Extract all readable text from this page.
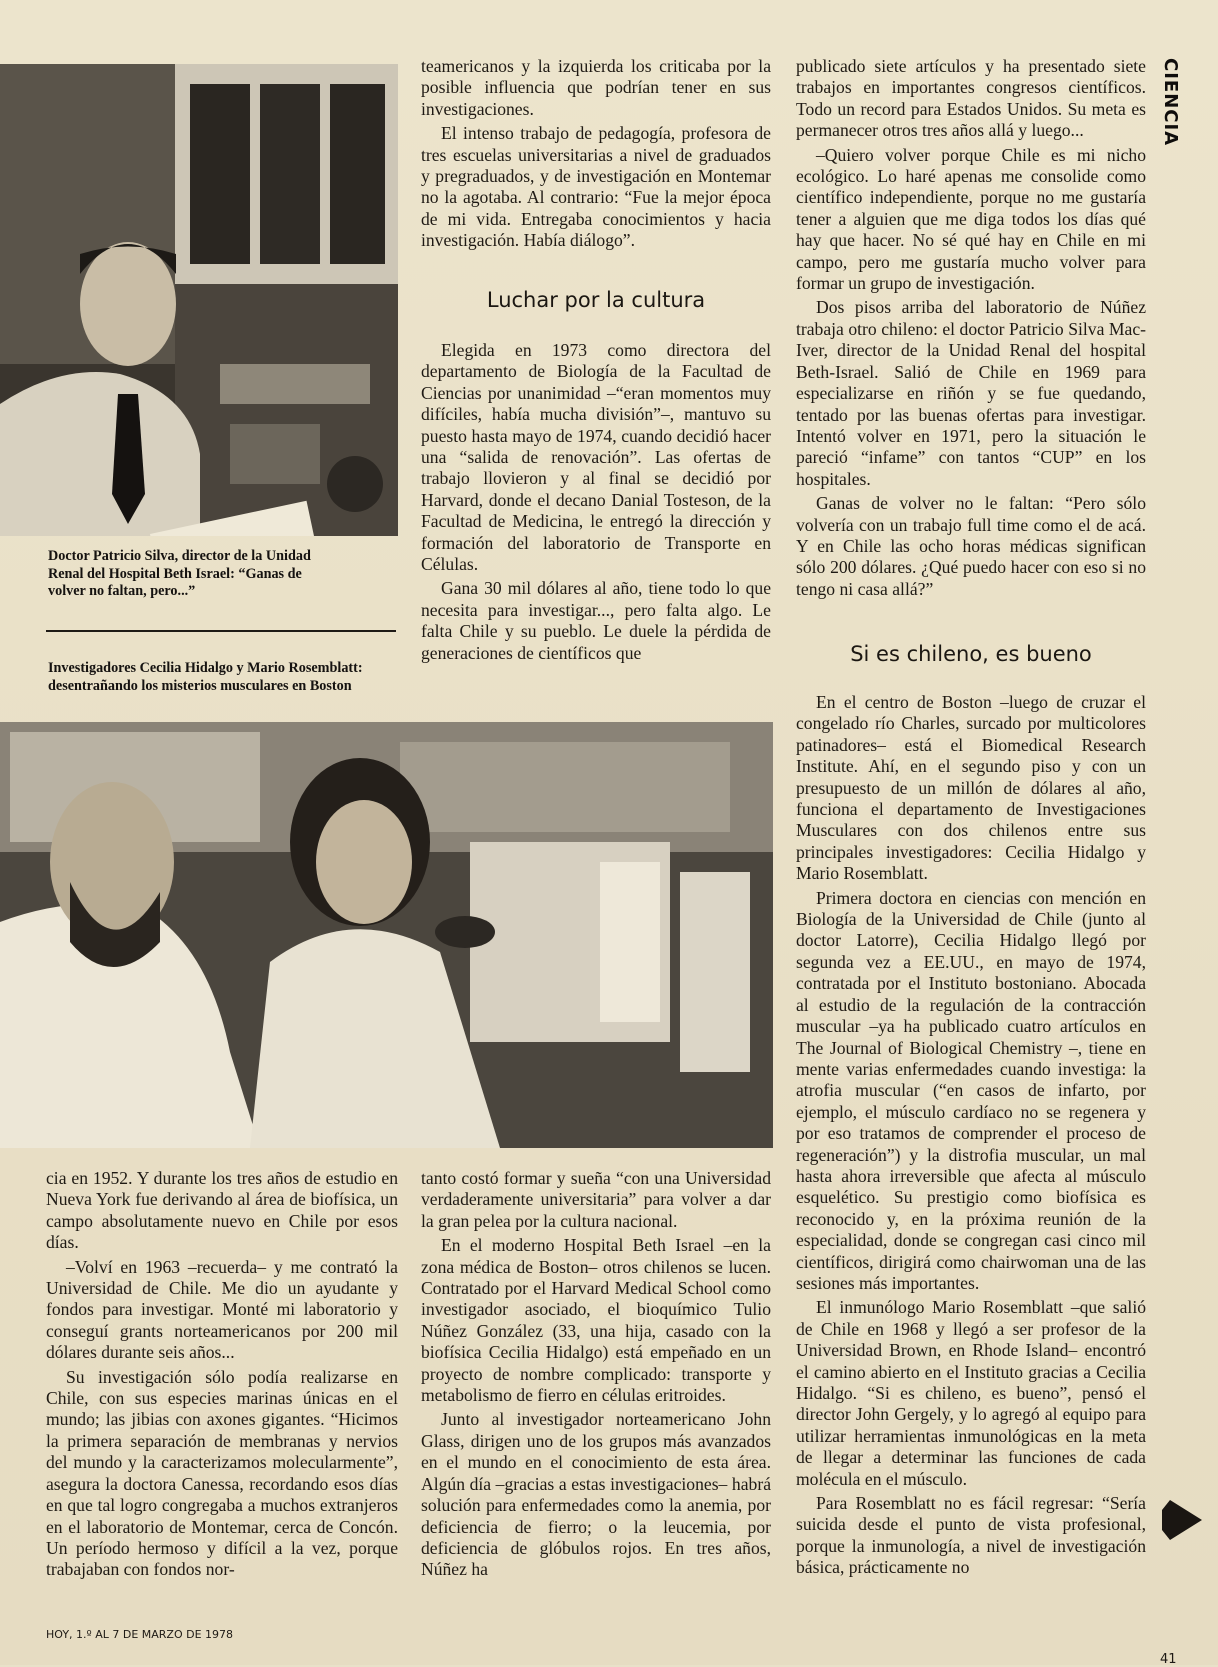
CIENCIA
Doctor Patricio Silva, director de la Unidad Renal del Hospital Beth Israel: “Ganas de volver no faltan, pero...”
Investigadores Cecilia Hidalgo y Mario Rosemblatt: desentrañando los misterios musculares en Boston

teamericanos y la izquierda los criticaba por la posible influencia que podrían tener en sus investigaciones.

El intenso trabajo de pedagogía, profesora de tres escuelas universitarias a nivel de graduados y pregraduados, y de investigación en Montemar no la agotaba. Al contrario: “Fue la mejor época de mi vida. Entregaba conocimientos y hacia investigación. Había diálogo”.

Luchar por la cultura

Elegida en 1973 como directora del departamento de Biología de la Facultad de Ciencias por unanimidad –“eran momentos muy difíciles, había mucha división”–, mantuvo su puesto hasta mayo de 1974, cuando decidió hacer una “salida de renovación”. Las ofertas de trabajo llovieron y al final se decidió por Harvard, donde el decano Danial Tosteson, de la Facultad de Medicina, le entregó la dirección y formación del laboratorio de Transporte en Células.

Gana 30 mil dólares al año, tiene todo lo que necesita para investigar..., pero falta algo. Le falta Chile y su pueblo. Le duele la pérdida de generaciones de científicos que

publicado siete artículos y ha presentado siete trabajos en importantes congresos científicos. Todo un record para Estados Unidos. Su meta es permanecer otros tres años allá y luego...

–Quiero volver porque Chile es mi nicho ecológico. Lo haré apenas me consolide como científico independiente, porque no me gustaría tener a alguien que me diga todos los días qué hay que hacer. No sé qué hay en Chile en mi campo, pero me gustaría mucho volver para formar un grupo de investigación.

Dos pisos arriba del laboratorio de Núñez trabaja otro chileno: el doctor Patricio Silva Mac-Iver, director de la Unidad Renal del hospital Beth-Israel. Salió de Chile en 1969 para especializarse en riñón y se fue quedando, tentado por las buenas ofertas para investigar. Intentó volver en 1971, pero la situación le pareció “infame” con tantos “CUP” en los hospitales.

Ganas de volver no le faltan: “Pero sólo volvería con un trabajo full time como el de acá. Y en Chile las ocho horas médicas significan sólo 200 dólares. ¿Qué puedo hacer con eso si no tengo ni casa allá?”

Si es chileno, es bueno

En el centro de Boston –luego de cruzar el congelado río Charles, surcado por multicolores patinadores– está el Biomedical Research Institute. Ahí, en el segundo piso y con un presupuesto de un millón de dólares al año, funciona el departamento de Investigaciones Musculares con dos chilenos entre sus principales investigadores: Cecilia Hidalgo y Mario Rosemblatt.

Primera doctora en ciencias con mención en Biología de la Universidad de Chile (junto al doctor Latorre), Cecilia Hidalgo llegó por segunda vez a EE.UU., en mayo de 1974, contratada por el Instituto bostoniano. Abocada al estudio de la regulación de la contracción muscular –ya ha publicado cuatro artículos en The Journal of Biological Chemistry –, tiene en mente varias enfermedades cuando investiga: la atrofia muscular (“en casos de infarto, por ejemplo, el músculo cardíaco no se regenera y por eso tratamos de comprender el proceso de regeneración”) y la distrofia muscular, un mal hasta ahora irreversible que afecta al músculo esquelético. Su prestigio como biofísica es reconocido y, en la próxima reunión de la especialidad, donde se congregan casi cinco mil científicos, dirigirá como chairwoman una de las sesiones más importantes.

El inmunólogo Mario Rosemblatt –que salió de Chile en 1968 y llegó a ser profesor de la Universidad Brown, en Rhode Island– encontró el camino abierto en el Instituto gracias a Cecilia Hidalgo. “Si es chileno, es bueno”, pensó el director John Gergely, y lo agregó al equipo para utilizar herramientas inmunológicas en la meta de llegar a determinar las funciones de cada molécula en el músculo.

Para Rosemblatt no es fácil regresar: “Sería suicida desde el punto de vista profesional, porque la inmunología, a nivel de investigación básica, prácticamente no

cia en 1952. Y durante los tres años de estudio en Nueva York fue derivando al área de biofísica, un campo absolutamente nuevo en Chile por esos días.

–Volví en 1963 –recuerda– y me contrató la Universidad de Chile. Me dio un ayudante y fondos para investigar. Monté mi laboratorio y conseguí grants norteamericanos por 200 mil dólares durante seis años...

Su investigación sólo podía realizarse en Chile, con sus especies marinas únicas en el mundo; las jibias con axones gigantes. “Hicimos la primera separación de membranas y nervios del mundo y la caracterizamos molecularmente”, asegura la doctora Canessa, recordando esos días en que tal logro congregaba a muchos extranjeros en el laboratorio de Montemar, cerca de Concón. Un período hermoso y difícil a la vez, porque trabajaban con fondos nor-

tanto costó formar y sueña “con una Universidad verdaderamente universitaria” para volver a dar la gran pelea por la cultura nacional.

En el moderno Hospital Beth Israel –en la zona médica de Boston– otros chilenos se lucen. Contratado por el Harvard Medical School como investigador asociado, el bioquímico Tulio Núñez González (33, una hija, casado con la biofísica Cecilia Hidalgo) está empeñado en un proyecto de nombre complicado: transporte y metabolismo de fierro en células eritroides.

Junto al investigador norteamericano John Glass, dirigen uno de los grupos más avanzados en el mundo en el conocimiento de esta área. Algún día –gracias a estas investigaciones– habrá solución para enfermedades como la anemia, por deficiencia de fierro; o la leucemia, por deficiencia de glóbulos rojos. En tres años, Núñez ha

HOY, 1.º AL 7 DE MARZO DE 1978
41
